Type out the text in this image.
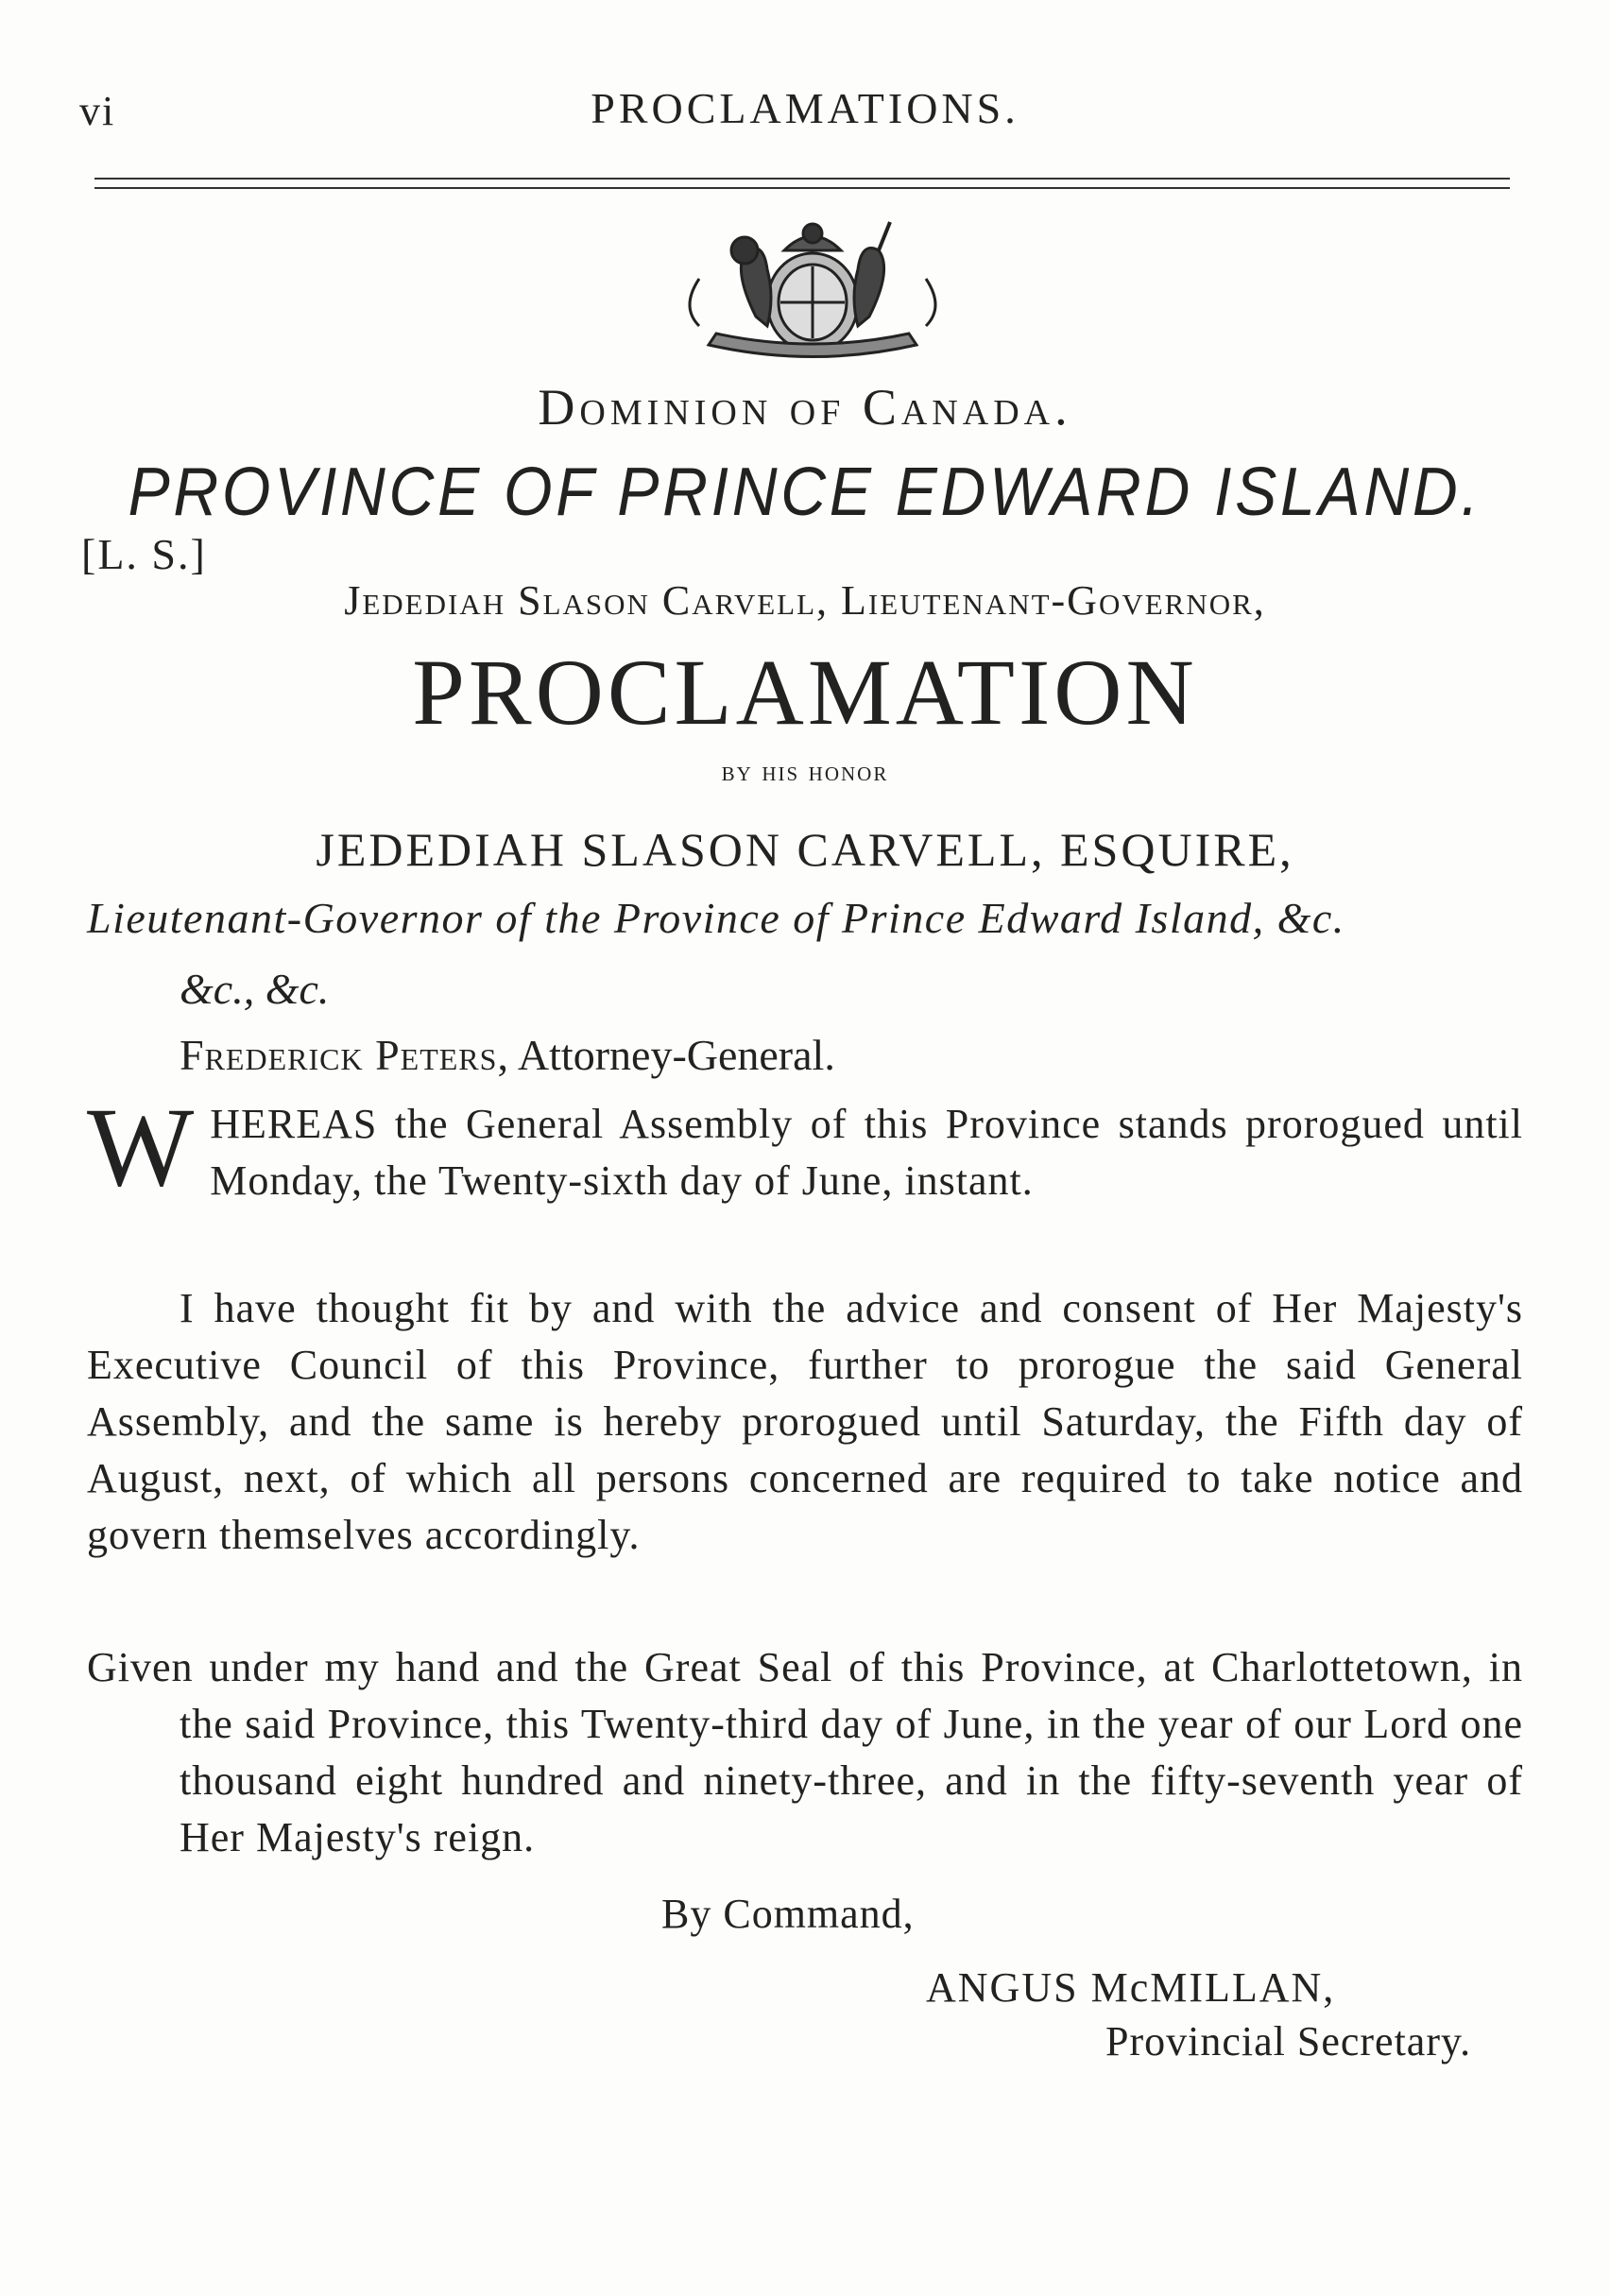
vi	PROCLAMATIONS.
Dominion of Canada.
PROVINCE OF PRINCE EDWARD ISLAND.
[L. S.]
Jedediah Slason Carvell, Lieutenant-Governor,
PROCLAMATION
by his honor
JEDEDIAH SLASON CARVELL, ESQUIRE,
Lieutenant-Governor of the Province of Prince Edward Island, &c.
&c., &c.
Frederick Peters, Attorney-General.
WHEREAS the General Assembly of this Province stands prorogued until Monday, the Twenty-sixth day of June, instant.
I have thought fit by and with the advice and consent of Her Majesty's Executive Council of this Province, further to prorogue the said General Assembly, and the same is hereby prorogued until Saturday, the Fifth day of August, next, of which all persons concerned are required to take notice and govern themselves accordingly.
Given under my hand and the Great Seal of this Province, at Charlottetown, in the said Province, this Twenty-third day of June, in the year of our Lord one thousand eight hundred and ninety-three, and in the fifty-seventh year of Her Majesty's reign.
By Command,
ANGUS McMILLAN,
Provincial Secretary.
